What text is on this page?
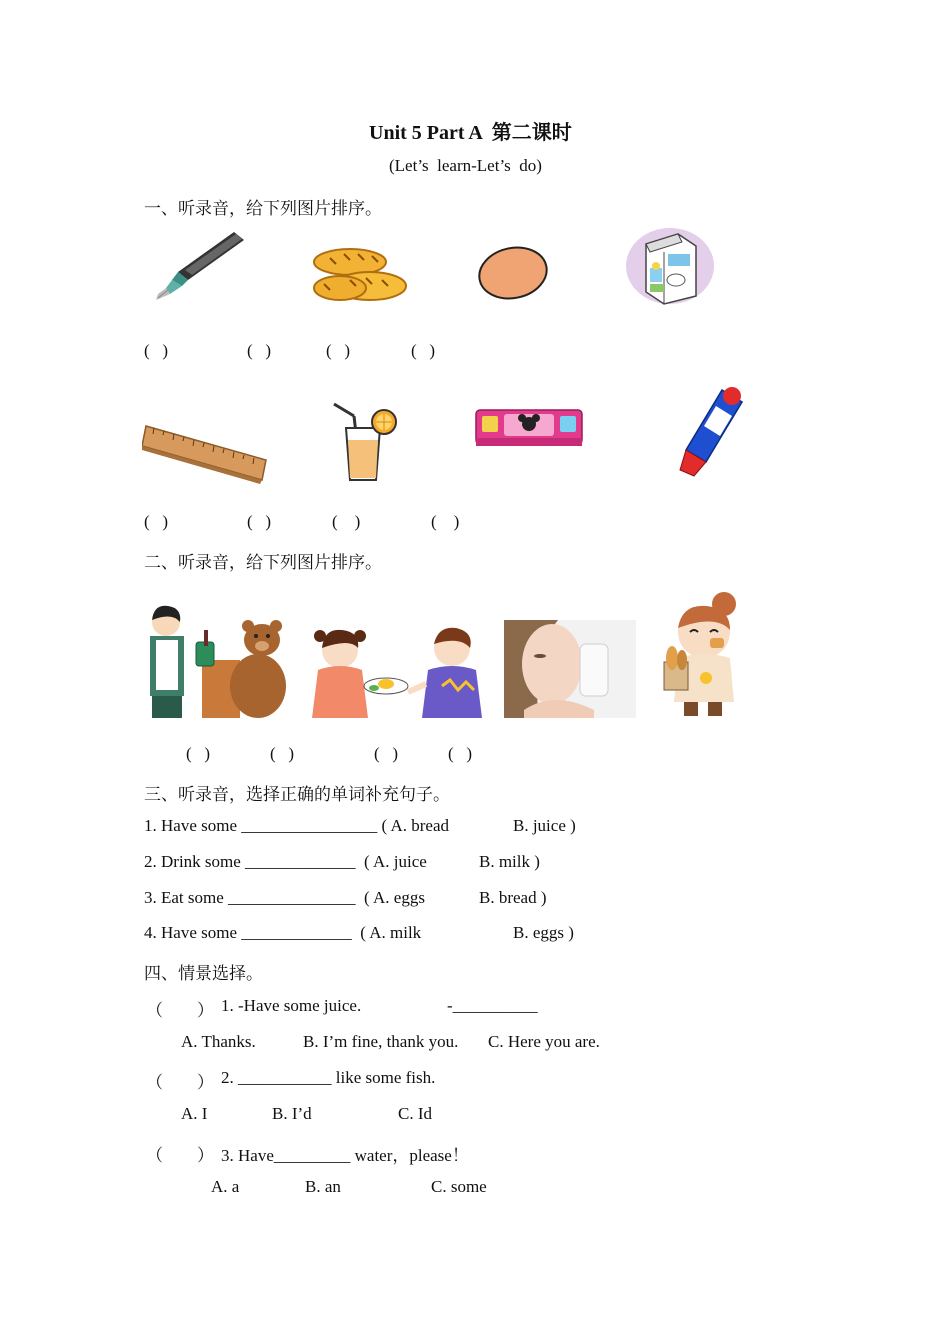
Unit 5 Part A  第二课时
(Let’s  learn-Let’s  do)
一、听录音，给下列图片排序。
(   )	(   )	(   )	(   )
(   )	(   )	(    )	(    )
二、听录音，给下列图片排序。
(   )	(   )	(   )	(   )
三、听录音，选择正确的单词补充句子。
1. Have some ________________ ( A. bread	B. juice )
2. Drink some _____________  ( A. juice	B. milk )
3. Eat some _______________  ( A. eggs	B. bread )
4. Have some _____________  ( A. milk	B. eggs )
四、情景选择。
（        ） 1. -Have some juice.	-__________
A. Thanks.	B. I’m fine, thank you. C. Here you are.
（        ） 2. ___________ like some fish.
A. I	B. I’d	C. Id
（        ） 3. Have_________ water，please！
A. a	B. an	C. some
